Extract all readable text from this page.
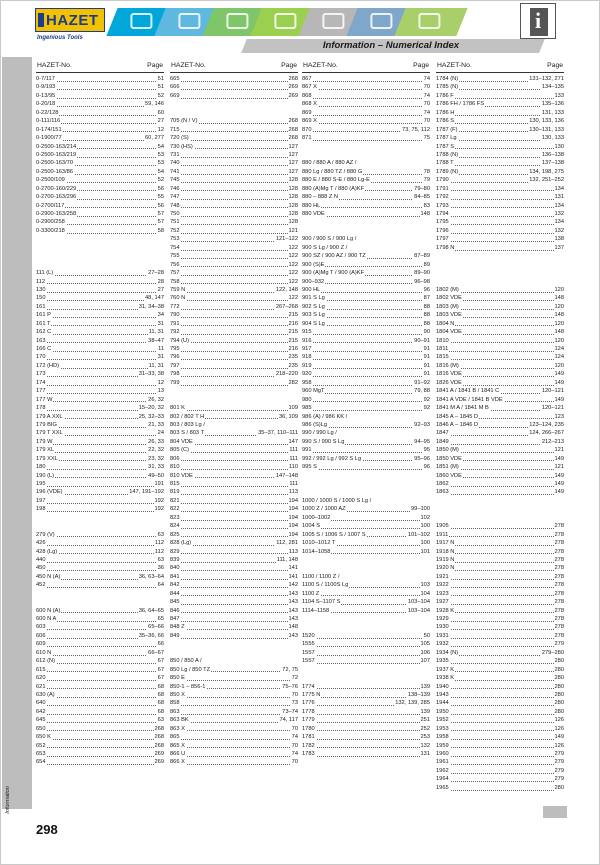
HAZET
Ingenious Tools
i
Information – Numerical Index
Information
HAZET-No.	Page
0-7/117	51
0-9/193	51
0-13/95	52
0-20/18	59, 146
0-22/128	60
0-111/116	27
0-174/151	12
0-1900/77	60, 277
0-2500-163/214	54
0-2500-163/219	53
0-2500-163/70	53
0-2500-163/86	54
0-2500/109	52
0-2700-160/229	56
0-2700-163/296	55
0-2700/117	56
0-2900-163/258	57
0-2900/258	57
0-3300/218	58
111 (L)	27–28
112	28
130	27
150	48, 147
161	31, 34–38
161 P	34
161 T	31
162 C	11, 31
163	38–47
166 C	11
170	31
172 (HD)	11, 31
173	31–33, 38
174	12
177	13
177 W	26, 32
178	15–20, 32
179 A XXL	25, 32–33
179 BIG	21, 33
179 T XXL	24
179 W	26, 33
179 XL	22, 32
179 XXL	23, 32
180	31, 33
190 (L)	49–50
195	191
196 (VDE)	147, 191–192
197	192
198	192
279 (V)	63
426	112
428 (Lg)	112
440	63
450	36
450 N (A)	36, 63–64
452	64
600 N (A)	36, 64–65
600 N A	65
603	65–66
606	35–36, 66
609	66
610 N	66–67
612 (N)	67
615	67
620	67
621	68
630 (A)	68
640	68
642	68
645	63
650	268
650 K	268
652	268
653	269
654	269
HAZET-No.	Page
665	268
666	269
669	269
705 (N / V)	268
715	268
720 (S)	268
730 (HS)	127
731	127
740	127
741	127
745	128
746	128
747	128
748	128
750	128
751	128
752	121
753	121–122
754	122
755	122
756	122
757	122
758	122
759 N	122, 148
760 N	122
772	267–268
790	215
791	216
792	215
794 (U)	215
795	216
796	235
797	235
798	218–220
799	282
801 K	109
802 / 802 T H	36, 109
803 / 803 Lg /
803 S / 803 T	35–37, 110–111
804 VDE	147
805 (C)	111
806	111
810	110
810 VDE	147–148
815	111
819	113
821	194
822	194
823	194
824	194
825	194
828 (Lg)	112, 281
829	113
839	111, 148
840	141
841	141
842	142
844	143
845	143
846	143
847	143
848 Z	148
849	143
850 / 850 A /
850 Lg / 850 TZ	72, 75
850 E	72
850-1 – 856-1	75–76
850 X	70
858	73
863	73–74
863 BK	74, 117
863 X	70
865	74
865 X	70
866 U	74
866 X	70
HAZET-No.	Page
867	74
867 X	70
868	74
868 X	70
869	74
869 X	70
870	73, 75, 112
871	75
880 / 880 A / 880 AZ /
880 Lg / 880 TZ / 880 G	78
880 E / 880 S-E / 880 Lg-E	79
880 (A)Mg T / 880 (A)KF	79–80
880 – 888 Z N	84–85
880 HL	83
880 VDE	148
900 / 900 S / 900 Lg /
900 S Lg / 900 Z /
900 SZ / 900 AZ / 900 TZ	87–89
900 (S)E	89
900 (A)Mg T / 900 (A)KF	89–90
900–932	96–98
900 HL	96
901 S Lg	87
902 S Lg	88
903 S Lg	88
904 S Lg	88
915	90
916	90–91
917	91
918	91
919	91
920	91
958	91–92
960 MgT	79, 88
980	92
985	92
986 (A) / 986 KK /
986 (S)Lg	92–93
990 / 990 Lg /
990 S / 990 S Lg	94–95
991	95
992 / 992 Lg / 992 S Lg	95–96
995 S	96
1000 / 1000 S / 1000 S Lg /
1000 Z / 1000 AZ	99–100
1000–1002	102
1004 S	100
1005 S / 1006 S / 1007 S	101–102
1010–1012 T	100
1014–1058	101
1100 / 1100 Z /
1100 S / 1100S Lg	103
1100 Z	104
1104 S–1107 S	103–104
1114–1158	103–104
1520	50
1555	105
1557	106
1557	107
1774	139
1775 N	138–139
1776	132, 139, 285
1778	139
1779	251
1780	252
1781	253
1782	132
1783	131
HAZET-No.	Page
1784 (N)	131–132, 271
1785 (N)	134–135
1786 F	133
1786 FH / 1786 FS	135–136
1786 H	131, 133
1786 S	130, 133, 136
1787 (F)	130–131, 133
1787 Lg	130, 133
1787 S	130
1788 (N)	136–138
1788 T	137–138
1789 (N)	134, 198, 275
1790	132, 251–252
1791	134
1792	131
1793	134
1794	132
1795	134
1796	132
1797	138
1798 N	137
1802 (M)	120
1802 VDE	148
1803 (M)	120
1803 VDE	148
1804 N	120
1804 VDE	148
1810	120
1811	124
1815	124
1816 (M)	120
1816 VDE	149
1826 VDE	149
1841 A / 1841 B / 1841 C	120–121
1841 A VDE / 1841 B VDE	149
1841 M A / 1841 M B	120–121
1845 A – 1845 D	123
1846 A – 1846 D	123–124, 235
1847	124, 266–267
1849	212–213
1850 (M)	121
1850 VDE	149
1851 (M)	121
1860 VDE	149
1862	149
1863	149
1905	278
1911	278
1917 N	278
1918 N	278
1919 N	278
1920 N	278
1921	278
1922	278
1923	278
1927	278
1928 K	278
1929	278
1930	278
1931	278
1932	279
1934 (N)	279–280
1935	280
1937 K	280
1938 K	280
1940	280
1943	280
1944	280
1950	280
1952	126
1953	126
1958	149
1959	126
1960	279
1961	279
1962	279
1964	279
1965	280
298
